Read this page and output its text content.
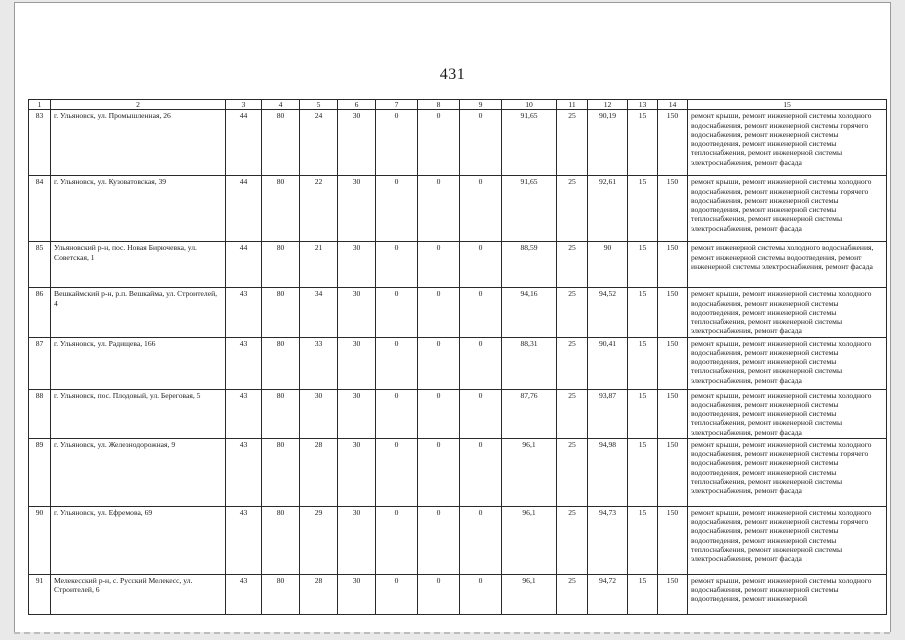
431
1	2	3	4	5	6	7	8	9	10	11	12	13	14	15
83	г. Ульяновск, ул. Промышленная, 26	44	80	24	30	0	0	0	91,65	25	90,19	15	150	ремонт крыши, ремонт инженерной системы холодного водоснабжения, ремонт инженерной системы горячего водоснабжения, ремонт инженерной системы водоотведения, ремонт инженерной системы теплоснабжения, ремонт инженерной системы электроснабжения, ремонт фасада
84	г. Ульяновск, ул. Кузоватовская, 39	44	80	22	30	0	0	0	91,65	25	92,61	15	150	ремонт крыши, ремонт инженерной системы холодного водоснабжения, ремонт инженерной системы горячего водоснабжения, ремонт инженерной системы водоотведения, ремонт инженерной системы теплоснабжения, ремонт инженерной системы электроснабжения, ремонт фасада
85	Ульяновский р-н, пос. Новая Бирючевка, ул. Советская, 1	44	80	21	30	0	0	0	88,59	25	90	15	150	ремонт инженерной системы холодного водоснабжения, ремонт инженерной системы водоотведения, ремонт инженерной системы электроснабжения, ремонт фасада
86	Вешкаймский р-н, р.п. Вешкайма, ул. Строителей, 4	43	80	34	30	0	0	0	94,16	25	94,52	15	150	ремонт крыши, ремонт инженерной системы холодного водоснабжения, ремонт инженерной системы водоотведения, ремонт инженерной системы теплоснабжения, ремонт инженерной системы электроснабжения, ремонт фасада
87	г. Ульяновск, ул. Радищева, 166	43	80	33	30	0	0	0	88,31	25	90,41	15	150	ремонт крыши, ремонт инженерной системы холодного водоснабжения, ремонт инженерной системы водоотведения, ремонт инженерной системы теплоснабжения, ремонт инженерной системы электроснабжения, ремонт фасада
88	г. Ульяновск, пос. Плодовый, ул. Береговая, 5	43	80	30	30	0	0	0	87,76	25	93,87	15	150	ремонт крыши, ремонт инженерной системы холодного водоснабжения, ремонт инженерной системы водоотведения, ремонт инженерной системы теплоснабжения, ремонт инженерной системы электроснабжения, ремонт фасада
89	г. Ульяновск, ул. Железнодорожная, 9	43	80	28	30	0	0	0	96,1	25	94,98	15	150	ремонт крыши, ремонт инженерной системы холодного водоснабжения, ремонт инженерной системы горячего водоснабжения, ремонт инженерной системы водоотведения, ремонт инженерной системы теплоснабжения, ремонт инженерной системы электроснабжения, ремонт фасада
90	г. Ульяновск, ул. Ефремова, 69	43	80	29	30	0	0	0	96,1	25	94,73	15	150	ремонт крыши, ремонт инженерной системы холодного водоснабжения, ремонт инженерной системы горячего водоснабжения, ремонт инженерной системы водоотведения, ремонт инженерной системы теплоснабжения, ремонт инженерной системы электроснабжения, ремонт фасада
91	Мелекесский р-н, с. Русский Мелекесс, ул. Строителей, 6	43	80	28	30	0	0	0	96,1	25	94,72	15	150	ремонт крыши, ремонт инженерной системы холодного водоснабжения, ремонт инженерной системы водоотведения, ремонт инженерной
